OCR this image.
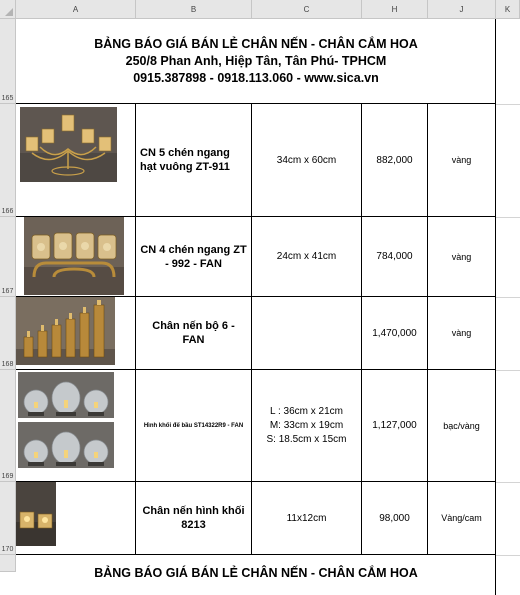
A	B	C	H	J	K
165
166
167
168
169
170
BẢNG BÁO GIÁ BÁN LẺ CHÂN NẾN - CHÂN CẮM HOA
250/8 Phan Anh, Hiệp Tân, Tân Phú- TPHCM
0915.387898 - 0918.113.060 - www.sica.vn
CN 5 chén ngang hạt vuông ZT-911
34cm x 60cm	882,000	vàng
CN 4 chén ngang ZT - 992 - FAN
24cm x 41cm	784,000	vàng
Chân nến bộ 6 - FAN
1,470,000	vàng
Hình khối đế bầu ST14322R9 - FAN
L : 36cm x 21cm
M: 33cm x 19cm
S: 18.5cm x 15cm
1,127,000	bạc/vàng
Chân nến hình khối 8213
11x12cm	98,000	Vàng/cam
BẢNG BÁO GIÁ BÁN LẺ CHÂN NẾN - CHÂN CẮM HOA
